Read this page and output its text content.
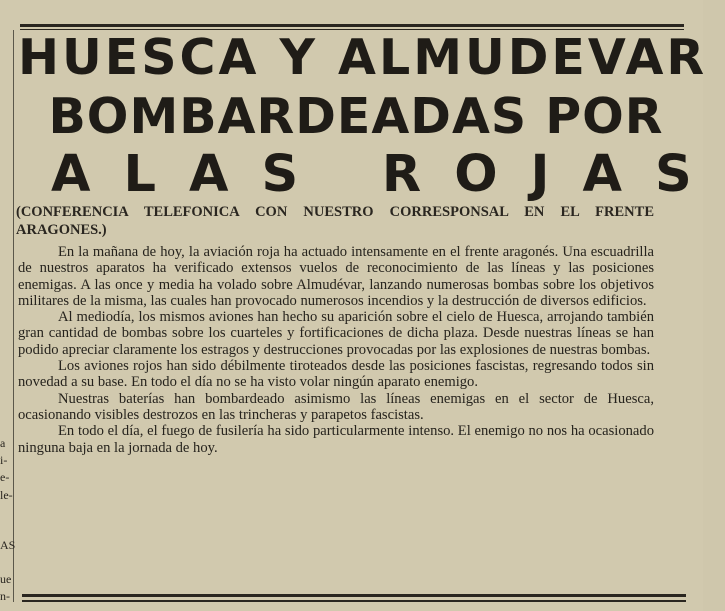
a
i-
e-
le-
AS
ue
n-
HUESCA Y ALMUDEVAR
BOMBARDEADAS POR
ALAS ROJAS

(CONFERENCIA TELEFONICA CON NUESTRO CORRESPONSAL EN EL FRENTE ARAGONES.)

En la mañana de hoy, la aviación roja ha actuado intensamente en el frente aragonés. Una escuadrilla de nuestros aparatos ha verificado extensos vuelos de reconocimiento de las líneas y las posiciones enemigas. A las once y media ha volado sobre Almudévar, lanzando numerosas bombas sobre los objetivos militares de la misma, las cuales han provocado numerosos incendios y la destrucción de diversos edificios.

Al mediodía, los mismos aviones han hecho su aparición sobre el cielo de Huesca, arrojando también gran cantidad de bombas sobre los cuarteles y fortificaciones de dicha plaza. Desde nuestras líneas se han podido apreciar claramente los estragos y destrucciones provocadas por las explosiones de nuestras bombas.

Los aviones rojos han sido débilmente tiroteados desde las posiciones fascistas, regresando todos sin novedad a su base. En todo el día no se ha visto volar ningún aparato enemigo.

Nuestras baterías han bombardeado asimismo las líneas enemigas en el sector de Huesca, ocasionando visibles destrozos en las trincheras y parapetos fascistas.

En todo el día, el fuego de fusilería ha sido particularmente intenso. El enemigo no nos ha ocasionado ninguna baja en la jornada de hoy.
